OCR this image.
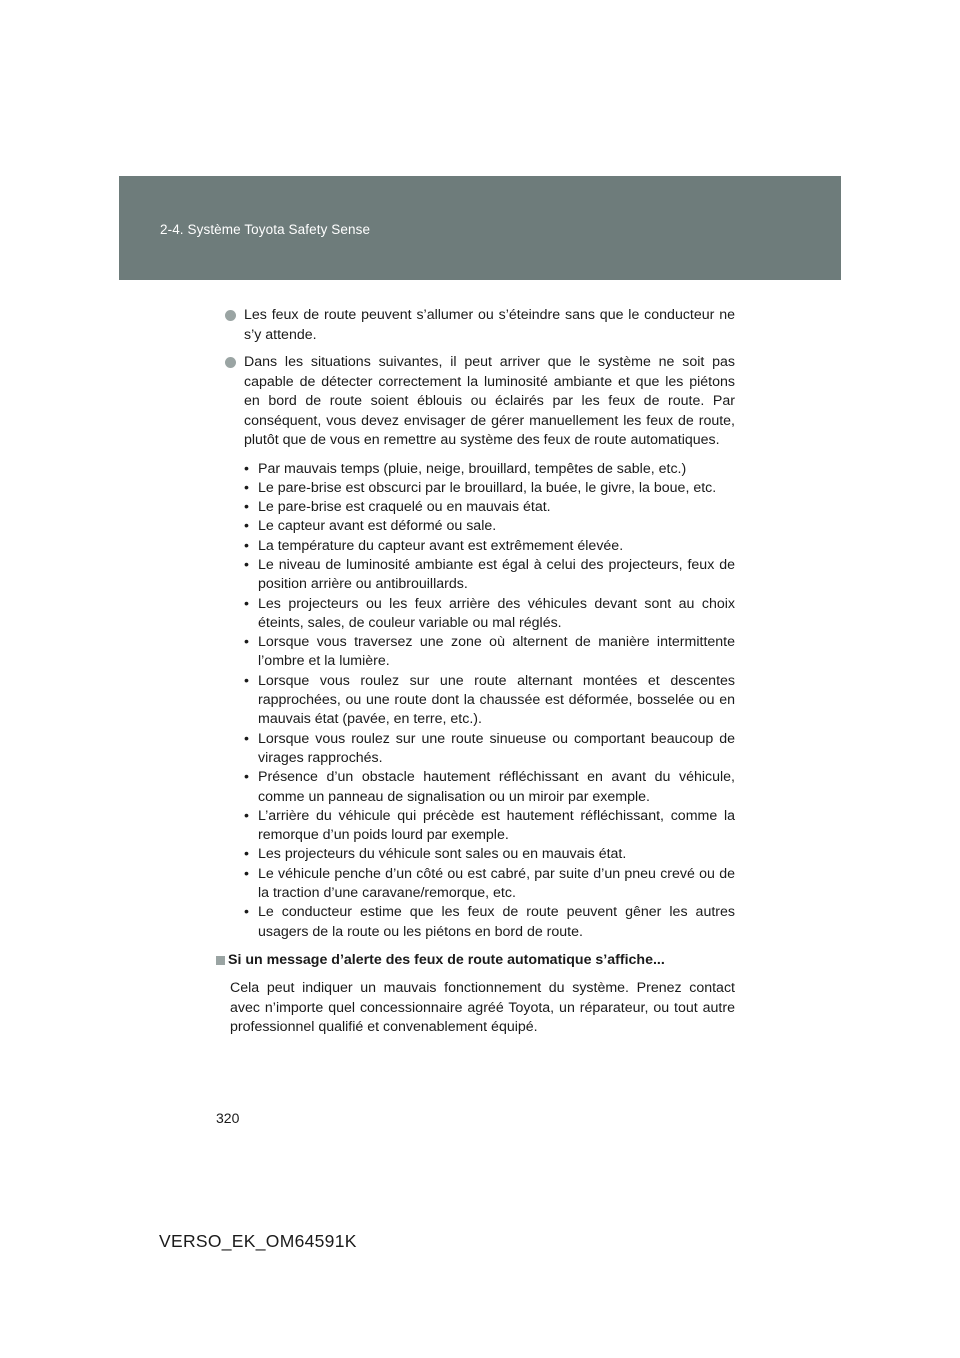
2-4. Système Toyota Safety Sense
Les feux de route peuvent s’allumer ou s’éteindre sans que le conducteur ne s’y attende.
Dans les situations suivantes, il peut arriver que le système ne soit pas capable de détecter correctement la luminosité ambiante et que les piétons en bord de route soient éblouis ou éclairés par les feux de route. Par conséquent, vous devez envisager de gérer manuellement les feux de route, plutôt que de vous en remettre au système des feux de route automatiques.
• Par mauvais temps (pluie, neige, brouillard, tempêtes de sable, etc.)
• Le pare-brise est obscurci par le brouillard, la buée, le givre, la boue, etc.
• Le pare-brise est craquelé ou en mauvais état.
• Le capteur avant est déformé ou sale.
• La température du capteur avant est extrêmement élevée.
• Le niveau de luminosité ambiante est égal à celui des projecteurs, feux de position arrière ou antibrouillards.
• Les projecteurs ou les feux arrière des véhicules devant sont au choix éteints, sales, de couleur variable ou mal réglés.
• Lorsque vous traversez une zone où alternent de manière intermittente l’ombre et la lumière.
• Lorsque vous roulez sur une route alternant montées et descentes rapprochées, ou une route dont la chaussée est déformée, bosselée ou en mauvais état (pavée, en terre, etc.).
• Lorsque vous roulez sur une route sinueuse ou comportant beaucoup de virages rapprochés.
• Présence d’un obstacle hautement réfléchissant en avant du véhicule, comme un panneau de signalisation ou un miroir par exemple.
• L’arrière du véhicule qui précède est hautement réfléchissant, comme la remorque d’un poids lourd par exemple.
• Les projecteurs du véhicule sont sales ou en mauvais état.
• Le véhicule penche d’un côté ou est cabré, par suite d’un pneu crevé ou de la traction d’une caravane/remorque, etc.
• Le conducteur estime que les feux de route peuvent gêner les autres usagers de la route ou les piétons en bord de route.
Si un message d’alerte des feux de route automatique s’affiche...
Cela peut indiquer un mauvais fonctionnement du système. Prenez contact avec n’importe quel concessionnaire agréé Toyota, un réparateur, ou tout autre professionnel qualifié et convenablement équipé.
320
VERSO_EK_OM64591K
